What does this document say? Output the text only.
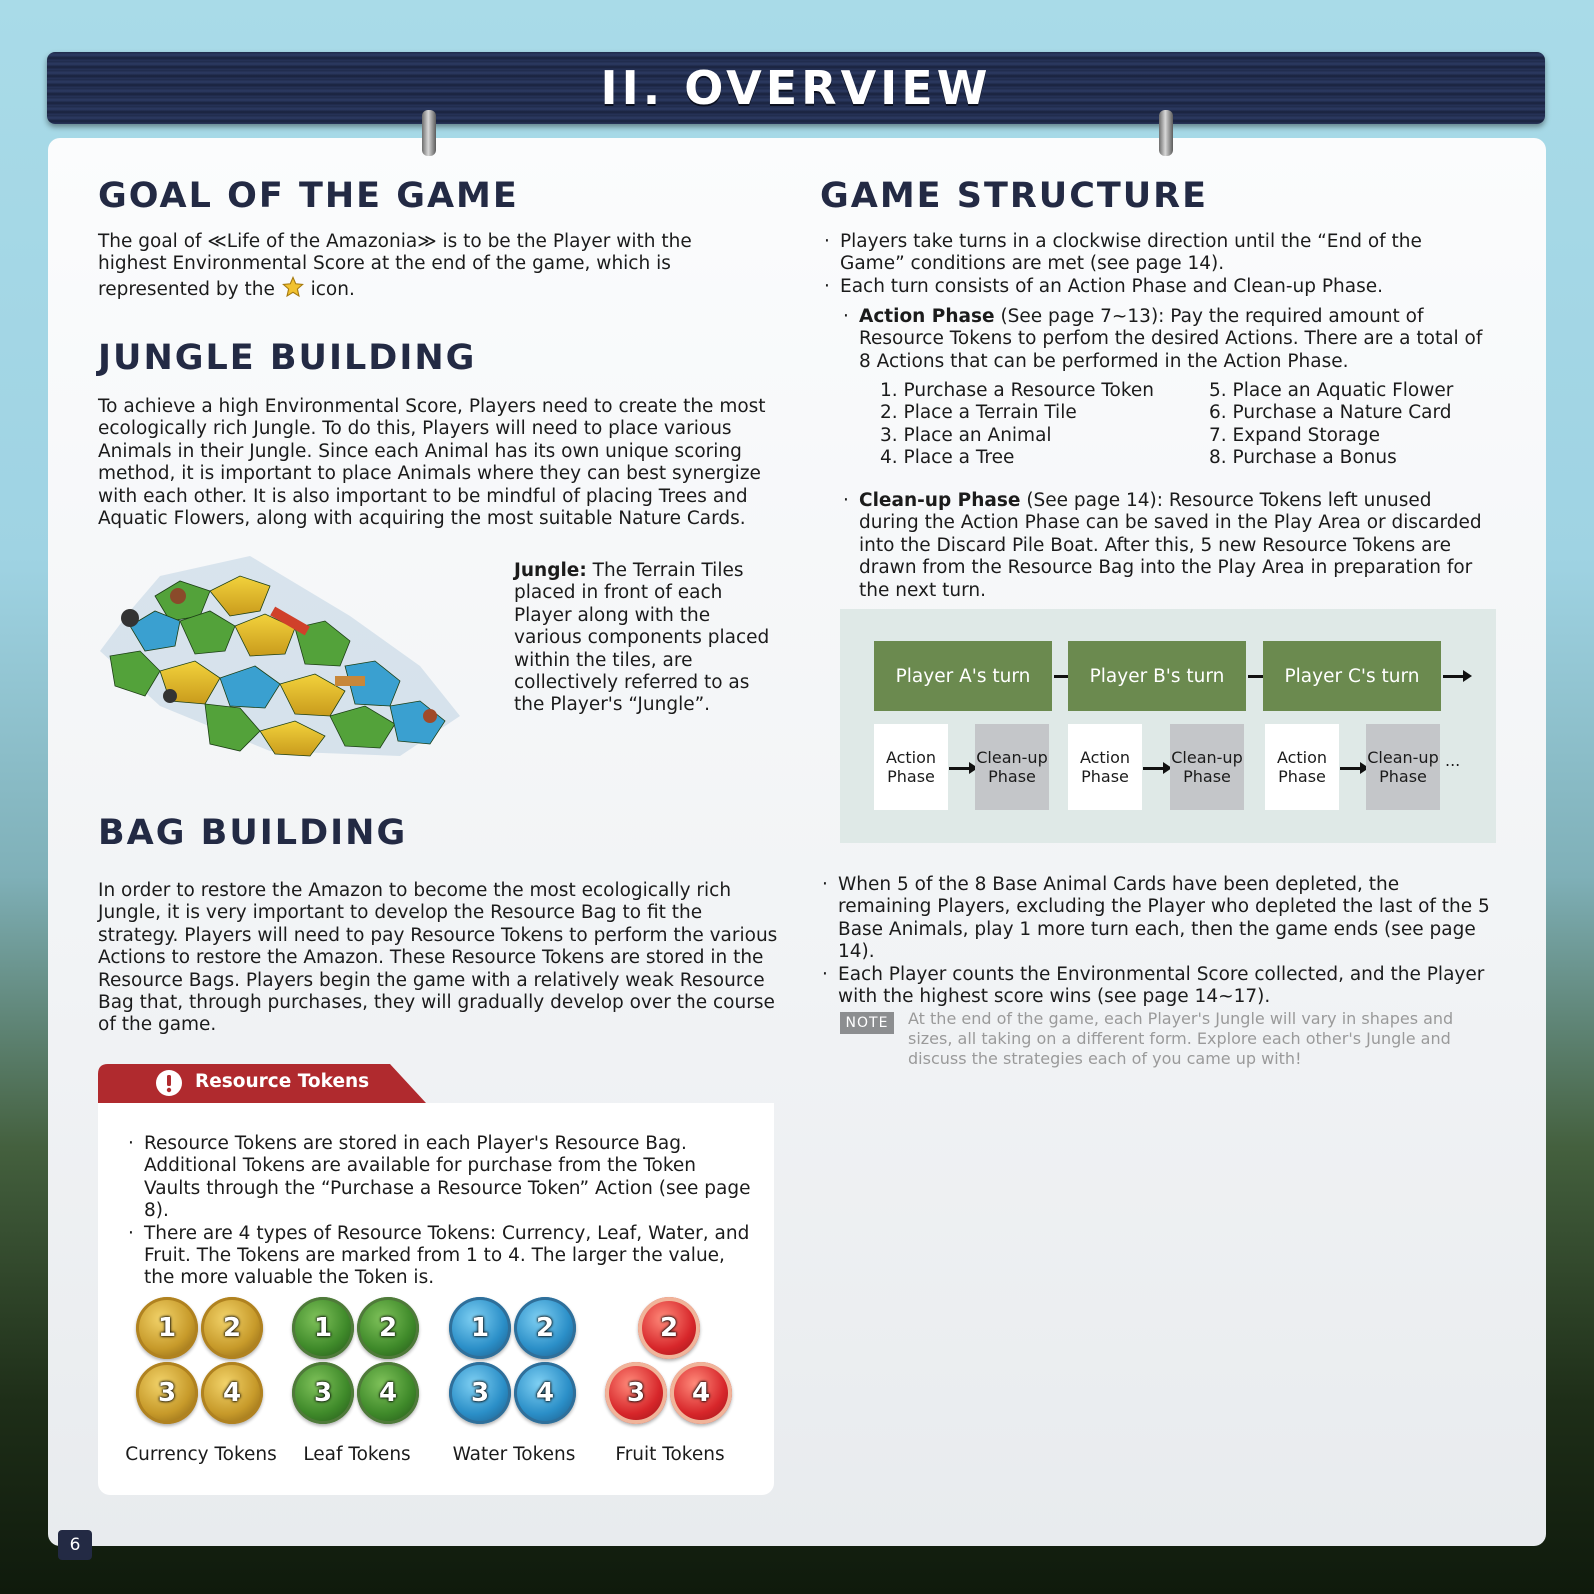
II. OVERVIEW
GOAL OF THE GAME
The goal of ≪Life of the Amazonia≫ is to be the Player with the highest Environmental Score at the end of the game, which is represented by the  icon.
JUNGLE BUILDING
To achieve a high Environmental Score, Players need to create the most ecologically rich Jungle. To do this, Players will need to place various Animals in their Jungle. Since each Animal has its own unique scoring method, it is important to place Animals where they can best synergize with each other. It is also important to be mindful of placing Trees and Aquatic Flowers, along with acquiring the most suitable Nature Cards.
Jungle: The Terrain Tiles placed in front of each Player along with the various components placed within the tiles, are collectively referred to as the Player's “Jungle”.
BAG BUILDING
In order to restore the Amazon to become the most ecologically rich Jungle, it is very important to develop the Resource Bag to fit the strategy. Players will need to pay Resource Tokens to perform the various Actions to restore the Amazon. These Resource Tokens are stored in the Resource Bags. Players begin the game with a relatively weak Resource Bag that, through purchases, they will gradually develop over the course of the game.
Resource Tokens
· Resource Tokens are stored in each Player's Resource Bag. Additional Tokens are available for purchase from the Token Vaults through the “Purchase a Resource Token” Action (see page 8).
· There are 4 types of Resource Tokens: Currency, Leaf, Water, and Fruit. The Tokens are marked from 1 to 4. The larger the value, the more valuable the Token is.
1	2
3	4
Currency Tokens
1	2
3	4
Leaf Tokens
1	2
3	4
Water Tokens
2
3	4
Fruit Tokens
GAME STRUCTURE
· Players take turns in a clockwise direction until the “End of the Game” conditions are met (see page 14).
· Each turn consists of an Action Phase and Clean-up Phase.
· Action Phase (See page 7~13): Pay the required amount of Resource Tokens to perfom the desired Actions. There are a total of 8 Actions that can be performed in the Action Phase.
1. Purchase a Resource Token
2. Place a Terrain Tile
3. Place an Animal
4. Place a Tree
5. Place an Aquatic Flower
6. Purchase a Nature Card
7. Expand Storage
8. Purchase a Bonus
· Clean-up Phase (See page 14): Resource Tokens left unused during the Action Phase can be saved in the Play Area or discarded into the Discard Pile Boat. After this, 5 new Resource Tokens are drawn from the Resource Bag into the Play Area in preparation for the next turn.
Player A's turn	Player B's turn	Player C's turn
Action Phase
Clean-up Phase
Action Phase
Clean-up Phase
Action Phase
Clean-up Phase
...
· When 5 of the 8 Base Animal Cards have been depleted, the remaining Players, excluding the Player who depleted the last of the 5 Base Animals, play 1 more turn each, then the game ends (see page 14).
· Each Player counts the Environmental Score collected, and the Player with the highest score wins (see page 14~17).
NOTE	At the end of the game, each Player's Jungle will vary in shapes and sizes, all taking on a different form. Explore each other's Jungle and discuss the strategies each of you came up with!
6
